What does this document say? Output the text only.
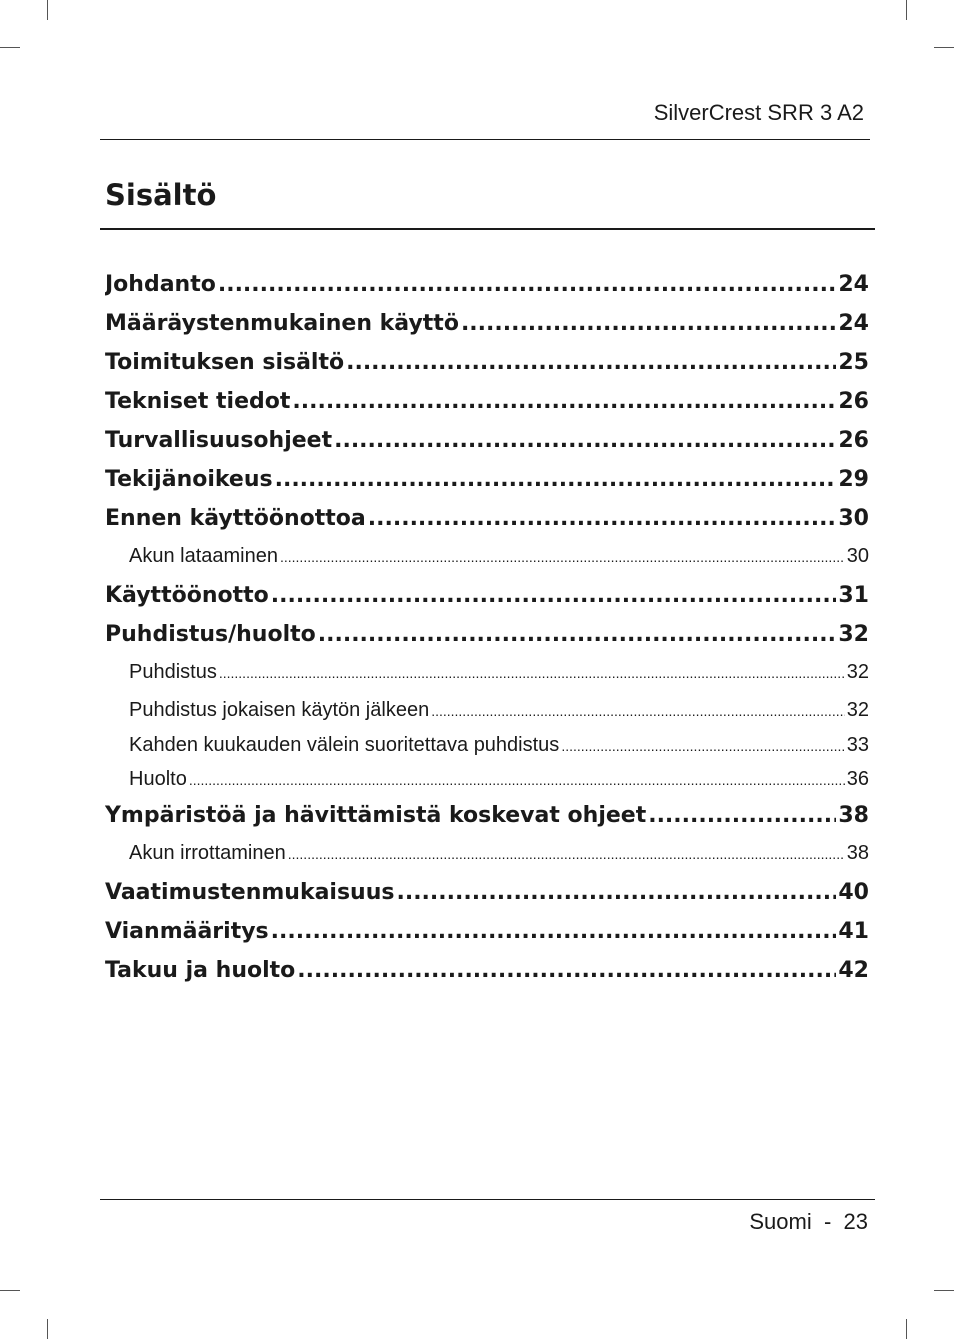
SilverCrest SRR 3 A2
Sisältö
Johdanto .....	24
Määräystenmukainen käyttö .....	24
Toimituksen sisältö .....	25
Tekniset tiedot .....	26
Turvallisuusohjeet .....	26
Tekijänoikeus .....	29
Ennen käyttöönottoa .....	30
Akun lataaminen .....	30
Käyttöönotto .....	31
Puhdistus/huolto .....	32
Puhdistus .....	32
Puhdistus jokaisen käytön jälkeen .....	32
Kahden kuukauden välein suoritettava puhdistus .....	33
Huolto .....	36
Ympäristöä ja hävittämistä koskevat ohjeet .....	38
Akun irrottaminen .....	38
Vaatimustenmukaisuus .....	40
Vianmääritys .....	41
Takuu ja huolto .....	42
Suomi - 23
